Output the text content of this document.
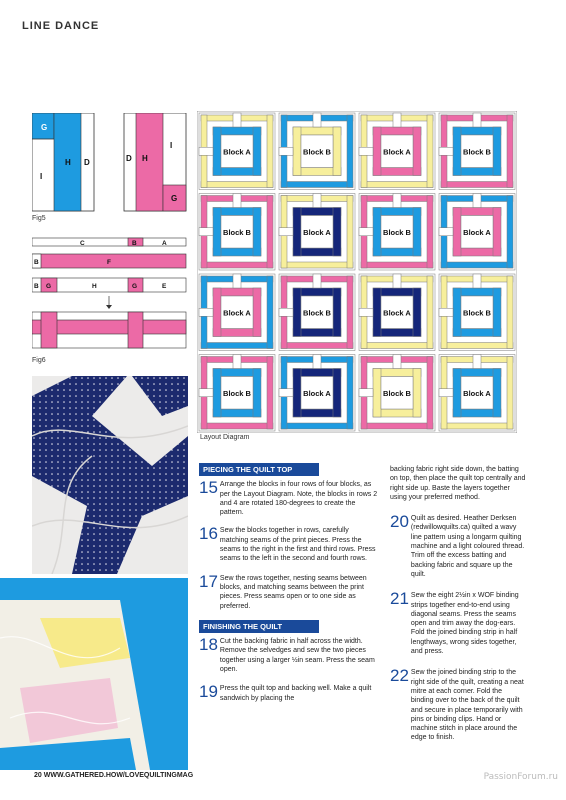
LINE DANCE
G
I
H D	D H
I
G
Fig5
C	B	A
B	F
B G	H	G	E
Fig6
Block A	Block B	Block A	Block B
Block B	Block A	Block B	Block A
Block A	Block B	Block A	Block B
Block B	Block A	Block B	Block A
Layout Diagram
PIECING THE QUILT TOP
15 Arrange the blocks in four rows of four blocks, as per the Layout Diagram. Note, the blocks in rows 2 and 4 are rotated 180-degrees to create the pattern.
16 Sew the blocks together in rows, carefully matching seams of the print pieces. Press the seams to the right in the first and third rows. Press seams to the left in the second and fourth rows.
17 Sew the rows together, nesting seams between blocks, and matching seams between the print pieces. Press seams open or to one side as preferred.
FINISHING THE QUILT
18 Cut the backing fabric in half across the width. Remove the selvedges and sew the two pieces together using a larger ½in seam. Press the seam open.
19 Press the quilt top and backing well. Make a quilt sandwich by placing the
backing fabric right side down, the batting on top, then place the quilt top centrally and right side up. Baste the layers together using your preferred method.
20 Quilt as desired. Heather Derksen (redwillowquilts.ca) quilted a wavy line pattern using a longarm quilting machine and a light coloured thread. Trim off the excess batting and backing fabric and square up the quilt.
21 Sew the eight 2½in x WOF binding strips together end-to-end using diagonal seams. Press the seams open and trim away the dog-ears. Fold the joined binding strip in half lengthways, wrong sides together, and press.
22 Sew the joined binding strip to the right side of the quilt, creating a neat mitre at each corner. Fold the binding over to the back of the quilt and secure in place temporarily with pins or binding clips. Hand or machine stitch in place around the edge to finish.
20 WWW.GATHERED.HOW/LOVEQUILTINGMAG	PassionForum.ru
